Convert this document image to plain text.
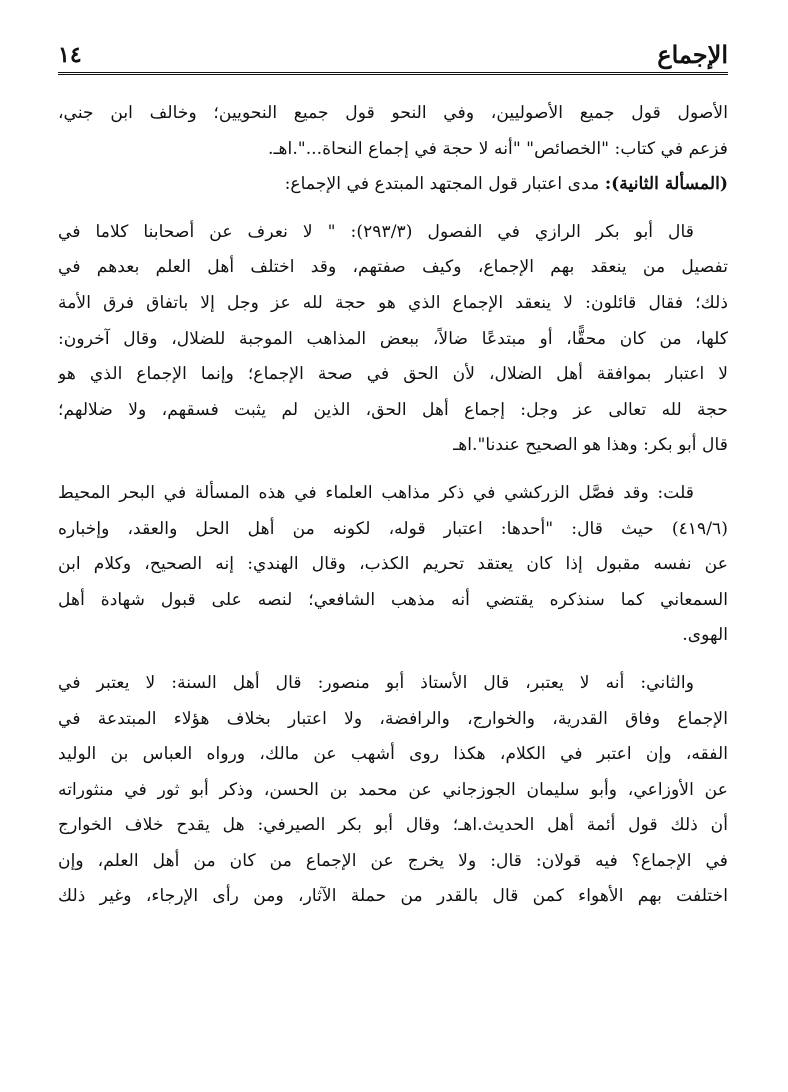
الإجماع
١٤
الأصول قول جميع الأصوليين، وفي النحو قول جميع النحويين؛ وخالف ابن جني،
فزعم في كتاب: "الخصائص" "أنه لا حجة في إجماع النحاة...".اهـ.
(المسألة الثانية): مدى اعتبار قول المجتهد المبتدع في الإجماع:
قال أبو بكر الرازي في الفصول (٢٩٣/٣): " لا نعرف عن أصحابنا كلاما في
تفصيل من ينعقد بهم الإجماع، وكيف صفتهم، وقد اختلف أهل العلم بعدهم في
ذلك؛ فقال قائلون: لا ينعقد الإجماع الذي هو حجة لله عز وجل إلا باتفاق فرق الأمة
كلها، من كان محقًّا، أو مبتدعًا ضالاً، ببعض المذاهب الموجبة للضلال، وقال آخرون:
لا اعتبار بموافقة أهل الضلال، لأن الحق في صحة الإجماع؛ وإنما الإجماع الذي هو
حجة لله تعالى عز وجل: إجماع أهل الحق، الذين لم يثبت فسقهم، ولا ضلالهم؛
قال أبو بكر: وهذا هو الصحيح عندنا".اهـ
قلت: وقد فصَّل الزركشي في ذكر مذاهب العلماء في هذه المسألة في البحر المحيط
(٤١٩/٦) حيث قال: "أحدها: اعتبار قوله، لكونه من أهل الحل والعقد، وإخباره
عن نفسه مقبول إذا كان يعتقد تحريم الكذب، وقال الهندي: إنه الصحيح، وكلام ابن
السمعاني كما سنذكره يقتضي أنه مذهب الشافعي؛ لنصه على قبول شهادة أهل
الهوى.
والثاني: أنه لا يعتبر، قال الأستاذ أبو منصور: قال أهل السنة: لا يعتبر في
الإجماع وفاق القدرية، والخوارج، والرافضة، ولا اعتبار بخلاف هؤلاء المبتدعة في
الفقه، وإن اعتبر في الكلام، هكذا روى أشهب عن مالك، ورواه العباس بن الوليد
عن الأوزاعي، وأبو سليمان الجوزجاني عن محمد بن الحسن، وذكر أبو ثور في منثوراته
أن ذلك قول أئمة أهل الحديث.اهـ؛ وقال أبو بكر الصيرفي: هل يقدح خلاف الخوارج
في الإجماع؟ فيه قولان: قال: ولا يخرج عن الإجماع من كان من أهل العلم، وإن
اختلفت بهم الأهواء كمن قال بالقدر من حملة الآثار، ومن رأى الإرجاء، وغير ذلك
